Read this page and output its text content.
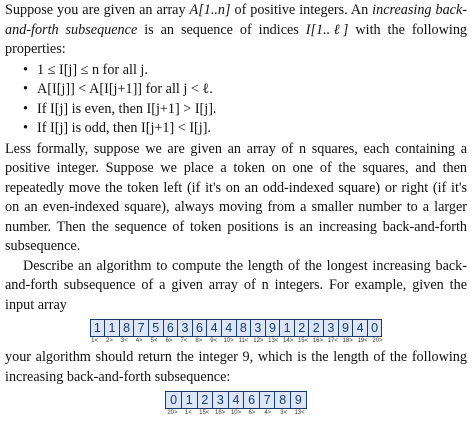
Suppose you are given an array A[1..n] of positive integers. An increasing back-and-forth subsequence is an sequence of indices I[1..ℓ] with the following properties:

• 1 ≤ I[j] ≤ n for all j.
• A[I[j]] < A[I[j+1]] for all j < ℓ.
• If I[j] is even, then I[j+1] > I[j].
• If I[j] is odd, then I[j+1] < I[j].

Less formally, suppose we are given an array of n squares, each containing a positive integer. Suppose we place a token on one of the squares, and then repeatedly move the token left (if it's on an odd-indexed square) or right (if it's on an even-indexed square), always moving from a smaller number to a larger number. Then the sequence of token positions is an increasing back-and-forth subsequence.

Describe an algorithm to compute the length of the longest increasing back-and-forth subsequence of a given array of n integers. For example, given the input array

1 1 8 7 5 6 3 6 4 4 8 3 9 1 2 2 3 9 4 0
1<	2>	3<	4>	5<	6>	7<	8>	9<	10> 11< 12> 13< 14> 15< 16> 17< 18> 19< 20>

your algorithm should return the integer 9, which is the length of the following increasing back-and-forth subsequence:

0 1 2 3 4 6 7 8 9
20>	1<	15< 18> 10>	6>	4>	3<	13<
